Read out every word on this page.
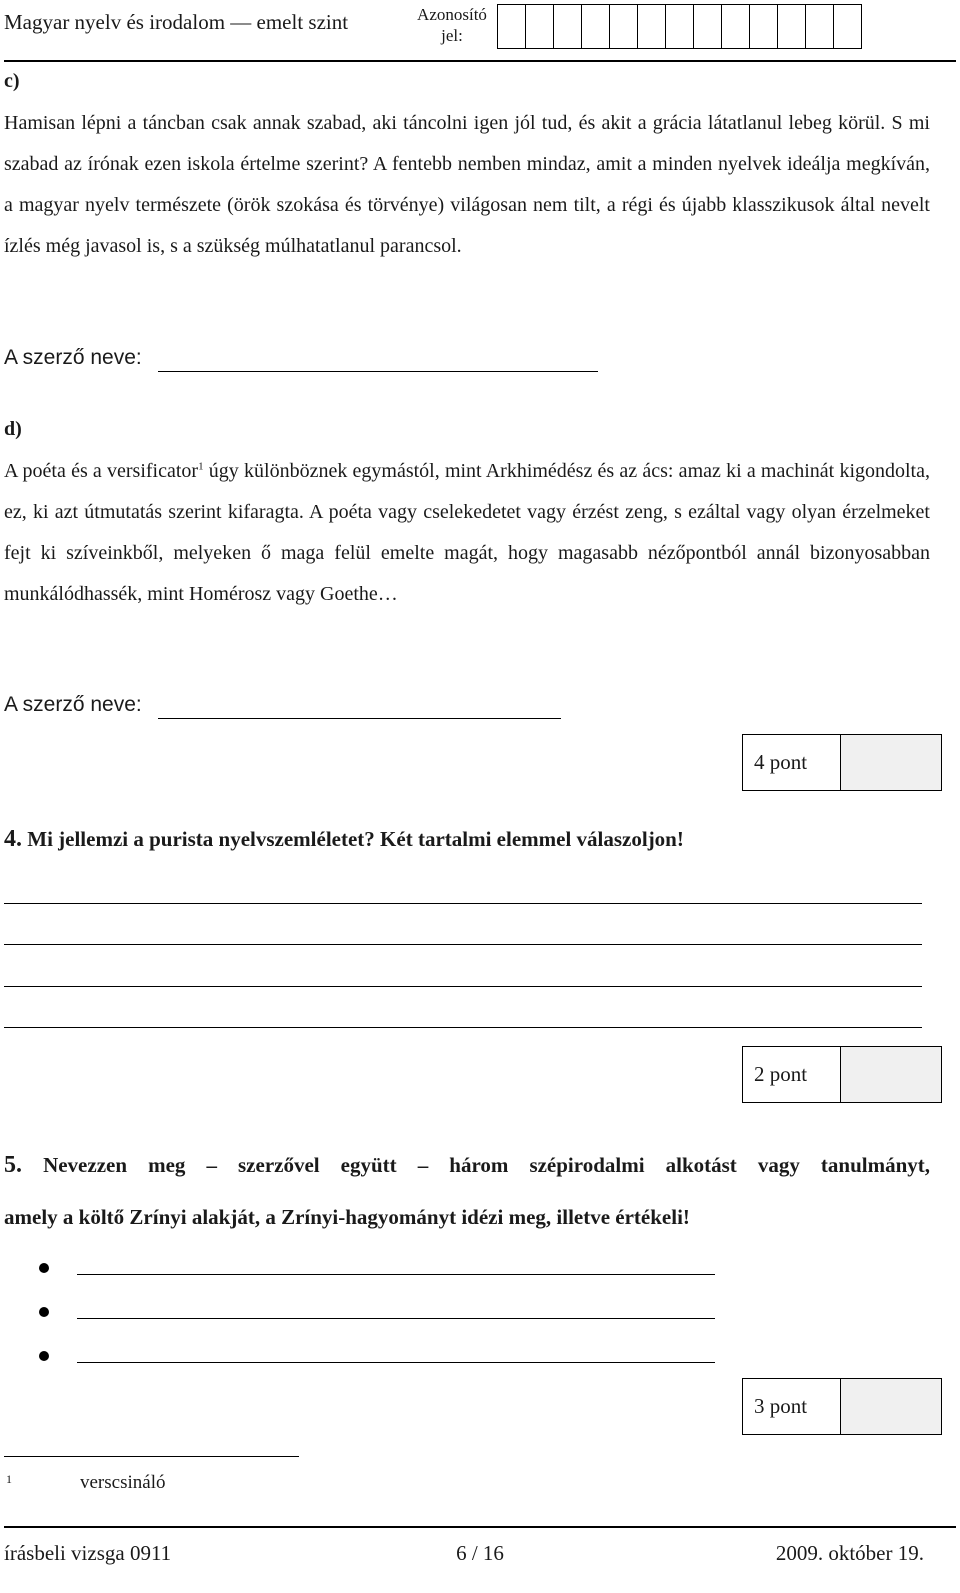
Magyar nyelv és irodalom — emelt szint	Azonosító
jel:
c)
Hamisan lépni a táncban csak annak szabad, aki táncolni igen jól tud, és akit a grácia látatlanul lebeg körül. S mi szabad az írónak ezen iskola értelme szerint? A fentebb nemben mindaz, amit a minden nyelvek ideálja megkíván, a magyar nyelv természete (örök szokása és törvénye) világosan nem tilt, a régi és újabb klasszikusok által nevelt ízlés még javasol is, s a szükség múlhatatlanul parancsol.
A szerző neve:
d)
A poéta és a versificator$^1$ úgy különböznek egymástól, mint Arkhimédész és az ács: amaz ki a machinát kigondolta, ez, ki azt útmutatás szerint kifaragta. A poéta vagy cselekedetet vagy érzést zeng, s ezáltal vagy olyan érzelmeket fejt ki szíveinkből, melyeken ő maga felül emelte magát, hogy magasabb nézőpontból annál bizonyosabban munkálódhassék, mint Homérosz vagy Goethe…
A szerző neve:
4 pont
4. Mi jellemzi a purista nyelvszemléletet? Két tartalmi elemmel válaszoljon!
2 pont
5. Nevezzen meg – szerzővel együtt – három szépirodalmi alkotást vagy tanulmányt,
amely a költő Zrínyi alakját, a Zrínyi-hagyományt idézi meg, illetve értékeli!
3 pont
1	verscsináló
írásbeli vizsga 0911	6 / 16	2009. október 19.
